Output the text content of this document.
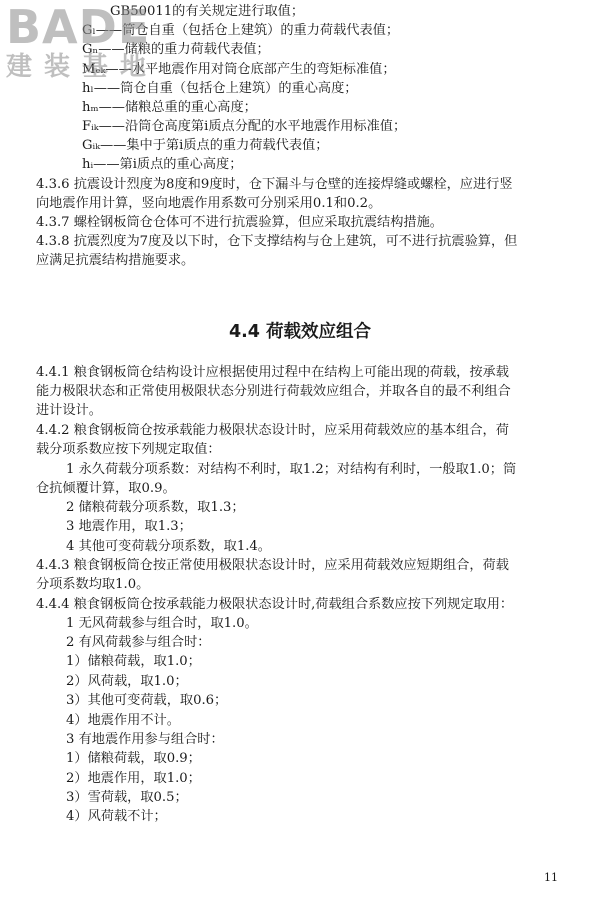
BADE
建装基地
GB50011的有关规定进行取值；
Gₗ——筒仓自重（包括仓上建筑）的重力荷载代表值；
Gₙ——储粮的重力荷载代表值；
Mₑₖ——水平地震作用对筒仓底部产生的弯矩标准值；
hₗ——筒仓自重（包括仓上建筑）的重心高度；
hₘ——储粮总重的重心高度；
Fᵢₖ——沿筒仓高度第i质点分配的水平地震作用标准值；
Gᵢₖ——集中于第i质点的重力荷载代表值；
hᵢ——第i质点的重心高度；
4.3.6 抗震设计烈度为8度和9度时，仓下漏斗与仓壁的连接焊缝或螺栓，应进行竖
向地震作用计算，竖向地震作用系数可分别采用0.1和0.2。
4.3.7 螺栓钢板筒仓仓体可不进行抗震验算，但应采取抗震结构措施。
4.3.8 抗震烈度为7度及以下时，仓下支撑结构与仓上建筑，可不进行抗震验算，但
应满足抗震结构措施要求。
4.4 荷载效应组合
4.4.1 粮食钢板筒仓结构设计应根据使用过程中在结构上可能出现的荷载，按承载
能力极限状态和正常使用极限状态分别进行荷载效应组合，并取各自的最不利组合
进计设计。
4.4.2 粮食钢板筒仓按承载能力极限状态设计时，应采用荷载效应的基本组合，荷
载分项系数应按下列规定取值：
1 永久荷载分项系数：对结构不利时，取1.2；对结构有利时，一般取1.0；筒
仓抗倾覆计算，取0.9。
2 储粮荷载分项系数，取1.3；
3 地震作用，取1.3；
4 其他可变荷载分项系数，取1.4。
4.4.3 粮食钢板筒仓按正常使用极限状态设计时，应采用荷载效应短期组合，荷载
分项系数均取1.0。
4.4.4 粮食钢板筒仓按承载能力极限状态设计时,荷载组合系数应按下列规定取用：
1 无风荷载参与组合时，取1.0。
2 有风荷载参与组合时：
1）储粮荷载，取1.0；
2）风荷载，取1.0；
3）其他可变荷载，取0.6；
4）地震作用不计。
3 有地震作用参与组合时：
1）储粮荷载，取0.9；
2）地震作用，取1.0；
3）雪荷载，取0.5；
4）风荷载不计；
11
